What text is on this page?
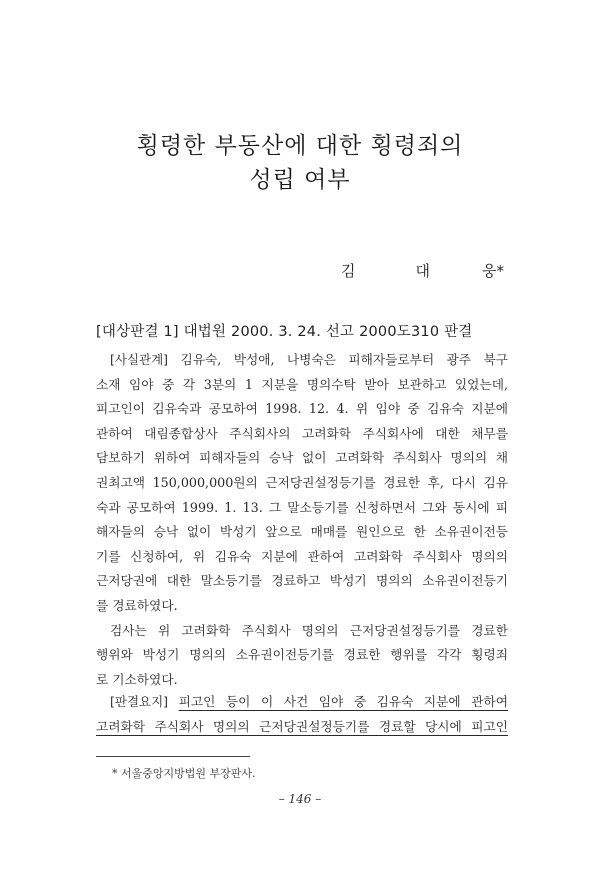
횡령한 부동산에 대한 횡령죄의
성립 여부
김	대	웅*
[대상판결 1] 대법원 2000. 3. 24. 선고 2000도310 판결
[사실관계] 김유숙, 박성애, 나병숙은 피해자들로부터 광주 북구
소재 임야 중 각 3분의 1 지분을 명의수탁 받아 보관하고 있었는데,
피고인이 김유숙과 공모하여 1998. 12. 4. 위 임야 중 김유숙 지분에
관하여 대림종합상사 주식회사의 고려화학 주식회사에 대한 채무를
담보하기 위하여 피해자들의 승낙 없이 고려화학 주식회사 명의의 채
권최고액 150,000,000원의 근저당권설정등기를 경료한 후, 다시 김유
숙과 공모하여 1999. 1. 13. 그 말소등기를 신청하면서 그와 동시에 피
해자들의 승낙 없이 박성기 앞으로 매매를 원인으로 한 소유권이전등
기를 신청하여, 위 김유숙 지분에 관하여 고려화학 주식회사 명의의
근저당권에 대한 말소등기를 경료하고 박성기 명의의 소유권이전등기
를 경료하였다.
검사는 위 고려화학 주식회사 명의의 근저당권설정등기를 경료한
행위와 박성기 명의의 소유권이전등기를 경료한 행위를 각각 횡령죄
로 기소하였다.
[판결요지] 피고인 등이 이 사건 임야 중 김유숙 지분에 관하여
고려화학 주식회사 명의의 근저당권설정등기를 경료할 당시에 피고인
* 서울중앙지방법원 부장판사.
– 146 –
